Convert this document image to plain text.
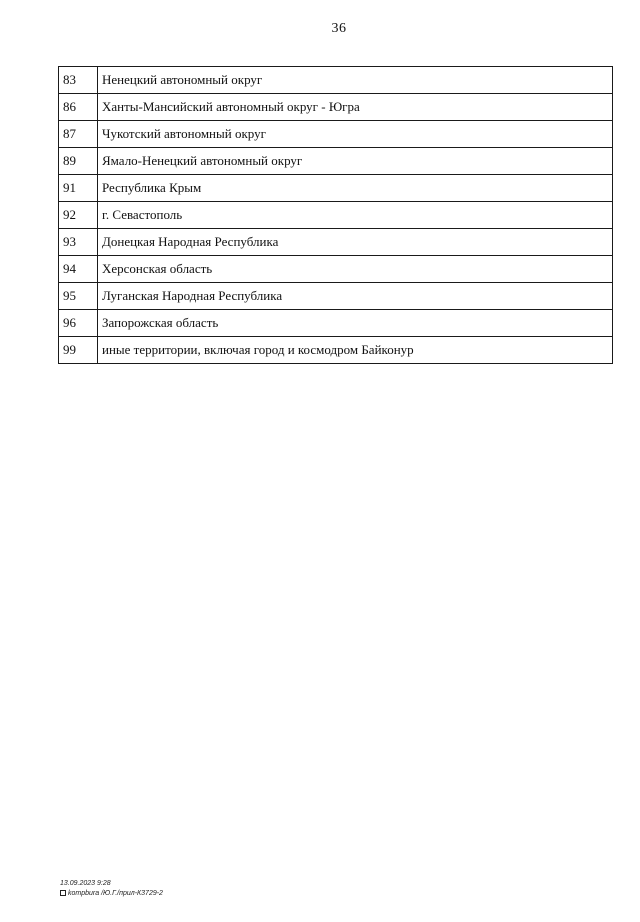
36
83	Ненецкий автономный округ
86	Ханты-Мансийский автономный округ - Югра
87	Чукотский автономный округ
89	Ямало-Ненецкий автономный округ
91	Республика Крым
92	г. Севастополь
93	Донецкая Народная Республика
94	Херсонская область
95	Луганская Народная Республика
96	Запорожская область
99	иные территории, включая город и космодром Байконур
13.09.2023 9:28
kompbura /Ю.Г./прил-К3729-2
